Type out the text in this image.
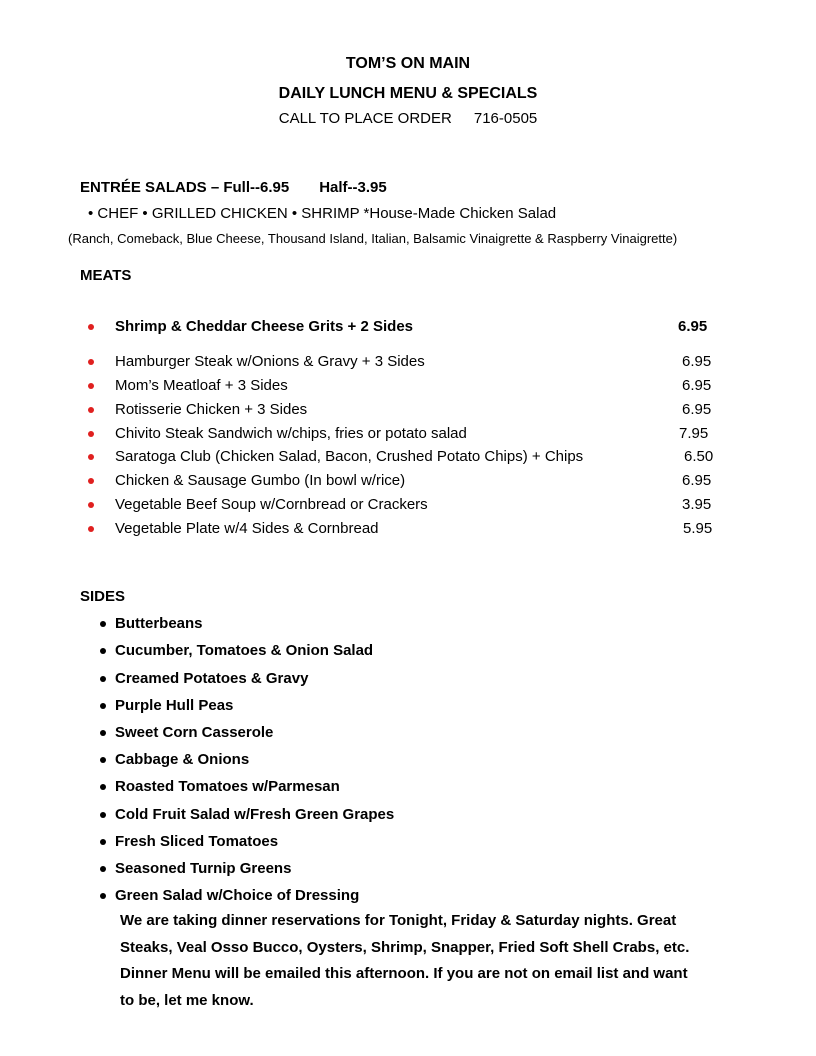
TOM’S ON MAIN
DAILY LUNCH MENU & SPECIALS
CALL TO PLACE ORDER 716-0505
ENTRÉE SALADS – Full--6.95 Half--3.95
• CHEF • GRILLED CHICKEN • SHRIMP *House-Made Chicken Salad
(Ranch, Comeback, Blue Cheese, Thousand Island, Italian, Balsamic Vinaigrette & Raspberry Vinaigrette)
MEATS
Shrimp & Cheddar Cheese Grits + 2 Sides	6.95
Hamburger Steak w/Onions & Gravy + 3 Sides	6.95
Mom’s Meatloaf + 3 Sides	6.95
Rotisserie Chicken + 3 Sides	6.95
Chivito Steak Sandwich w/chips, fries or potato salad	7.95
Saratoga Club (Chicken Salad, Bacon, Crushed Potato Chips) + Chips	6.50
Chicken & Sausage Gumbo (In bowl w/rice)	6.95
Vegetable Beef Soup w/Cornbread or Crackers	3.95
Vegetable Plate w/4 Sides & Cornbread	5.95
SIDES
Butterbeans
Cucumber, Tomatoes & Onion Salad
Creamed Potatoes & Gravy
Purple Hull Peas
Sweet Corn Casserole
Cabbage & Onions
Roasted Tomatoes w/Parmesan
Cold Fruit Salad w/Fresh Green Grapes
Fresh Sliced Tomatoes
Seasoned Turnip Greens
Green Salad w/Choice of Dressing
We are taking dinner reservations for Tonight, Friday & Saturday nights. Great
Steaks, Veal Osso Bucco, Oysters, Shrimp, Snapper, Fried Soft Shell Crabs, etc.
Dinner Menu will be emailed this afternoon. If you are not on email list and want
to be, let me know.
